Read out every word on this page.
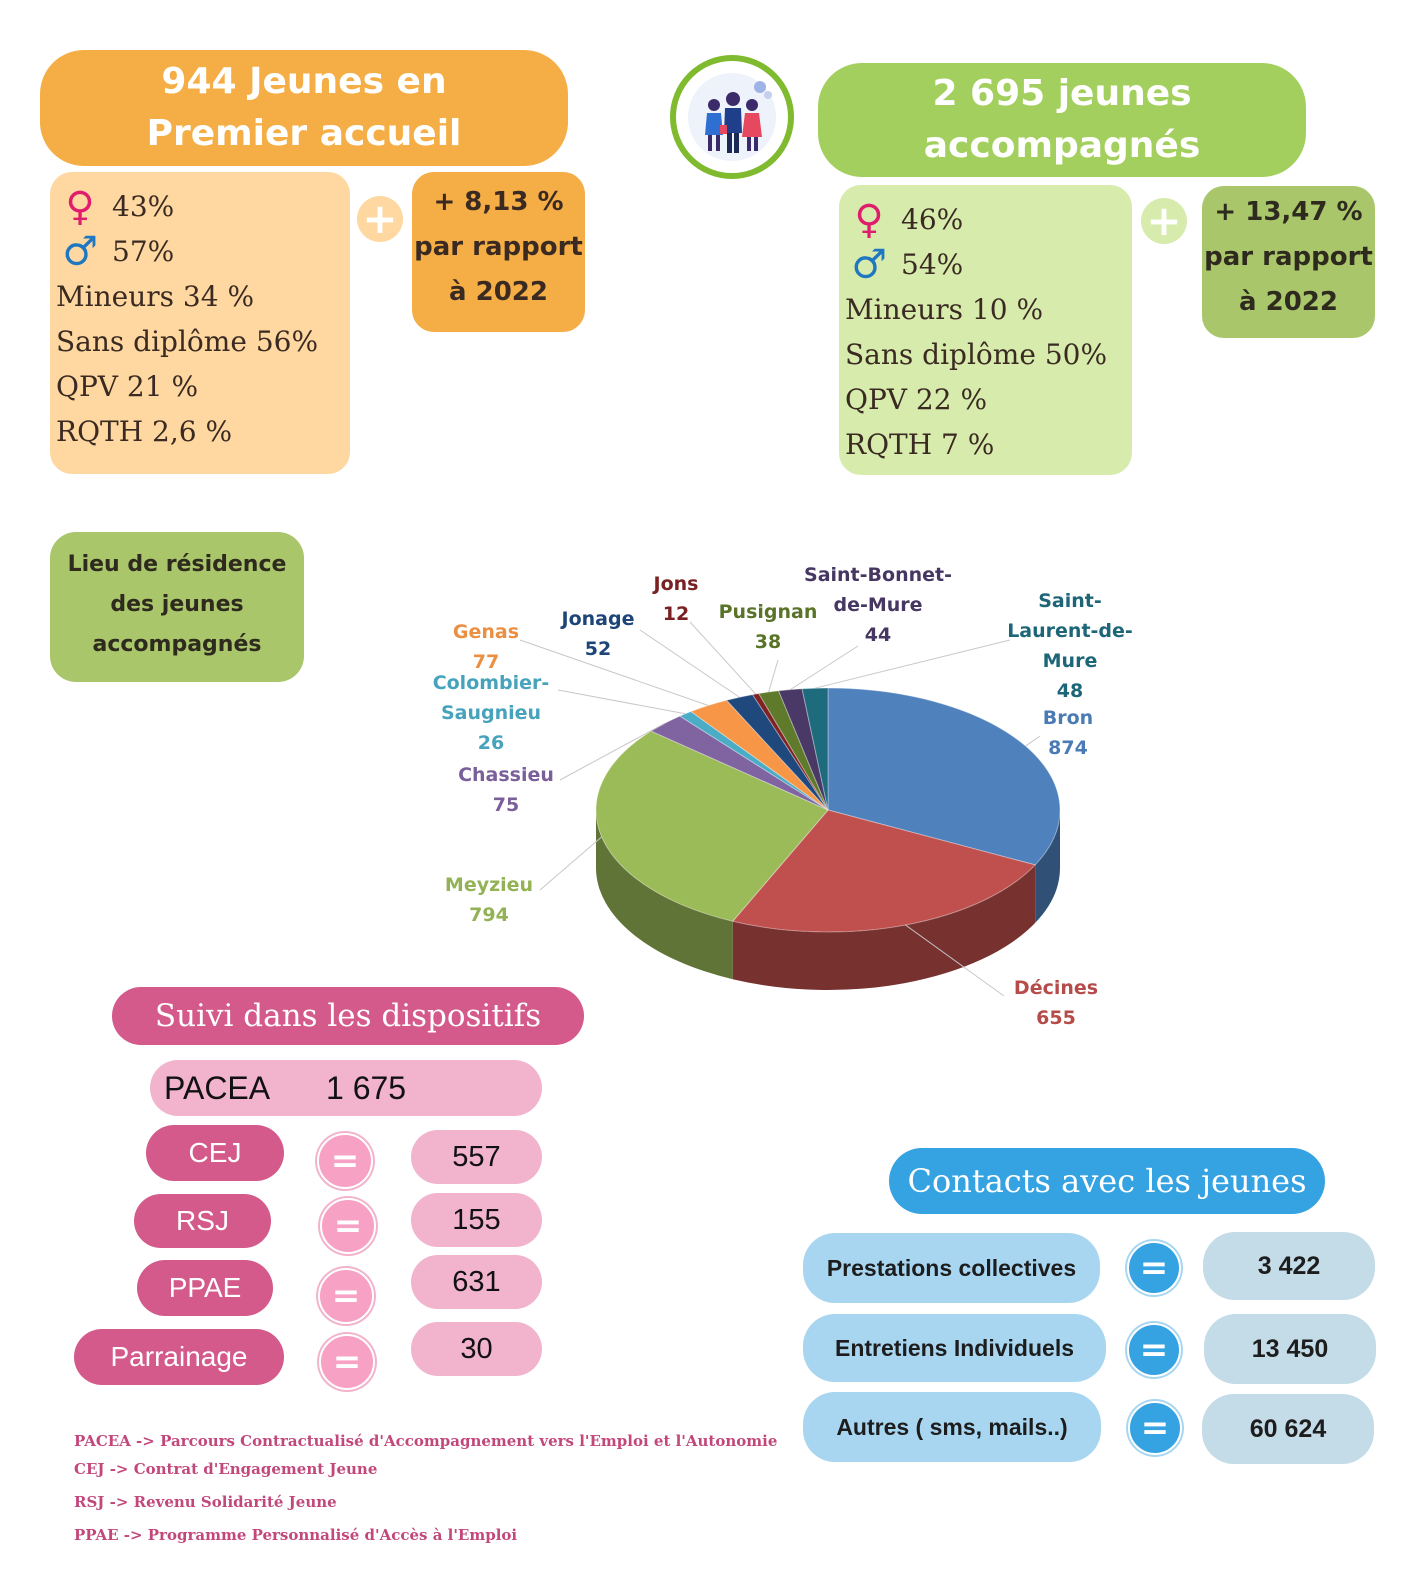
944 Jeunes en
Premier accueil
♀ 43%
♂ 57%
Mineurs 34 %
Sans diplôme 56%
QPV 21 %
RQTH 2,6 %
+	+ 8,13 %
par rapport
à 2022
2 695 jeunes
accompagnés
♀ 46%
♂ 54%
Mineurs 10 %
Sans diplôme 50%
QPV 22 %
RQTH 7 %
+	+ 13,47 %
par rapport
à 2022
Lieu de résidence
des jeunes
accompagnés
Bron 874
Décines 655
Meyzieu 794
Chassieu 75
Colombier-Saugnieu 26
Genas 77
Jonage 52
Jons 12	Pusignan 38
Saint-Bonnet-de-Mure 44
Saint-Laurent-de-Mure 48
Suivi dans les dispositifs
PACEA	1 675
CEJ	=	557
RSJ	=	155
PPAE	=	631
Parrainage	=	30
Contacts avec les jeunes
Prestations collectives	=	3 422
Entretiens Individuels	=	13 450
Autres ( sms, mails..)	=	60 624
PACEA -> Parcours Contractualisé d'Accompagnement vers l'Emploi et l'Autonomie
CEJ -> Contrat d'Engagement Jeune
RSJ -> Revenu Solidarité Jeune
PPAE -> Programme Personnalisé d'Accès à l'Emploi
